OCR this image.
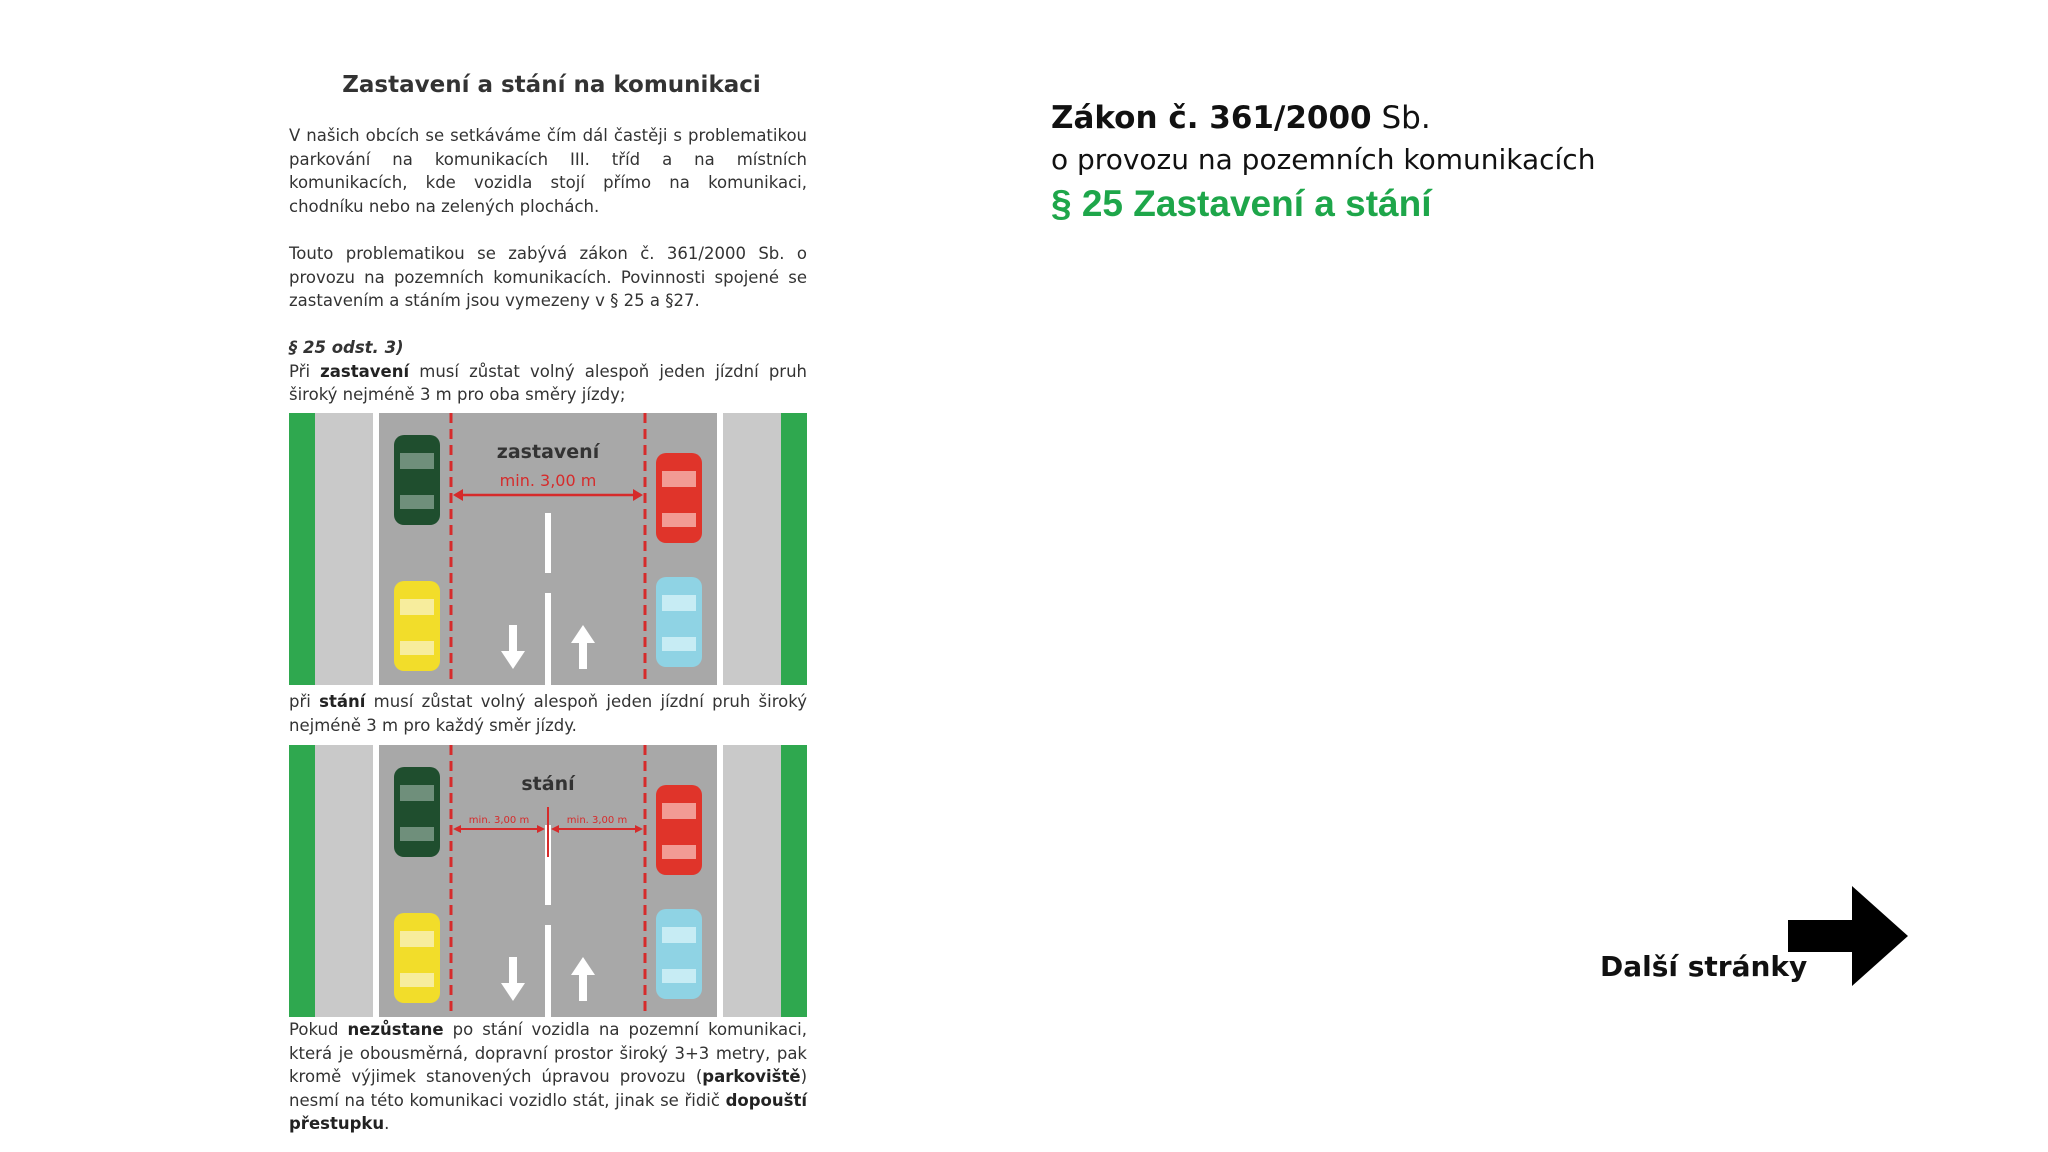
Zastavení a stání na komunikaci
V našich obcích se setkáváme čím dál častěji s problematikou parkování na komunikacích III. tříd a na místních komunikacích, kde vozidla stojí přímo na komunikaci, chodníku nebo na zelených plochách.
Touto problematikou se zabývá zákon č. 361/2000 Sb. o provozu na pozemních komunikacích. Povinnosti spojené se zastavením a stáním jsou vymezeny v § 25 a §27.
§ 25 odst. 3)
Při zastavení musí zůstat volný alespoň jeden jízdní pruh široký nejméně 3 m pro oba směry jízdy;
zastavení
min. 3,00 m
při stání musí zůstat volný alespoň jeden jízdní pruh široký nejméně 3 m pro každý směr jízdy.
stání
min. 3,00 m	min. 3,00 m
Pokud nezůstane po stání vozidla na pozemní komunikaci, která je obousměrná, dopravní prostor široký 3+3 metry, pak kromě výjimek stanovených úpravou provozu (parkoviště) nesmí na této komunikaci vozidlo stát, jinak se řidič dopouští přestupku.
Zákon č. 361/2000 Sb.
o provozu na pozemních komunikacích
§ 25 Zastavení a stání
Další stránky
